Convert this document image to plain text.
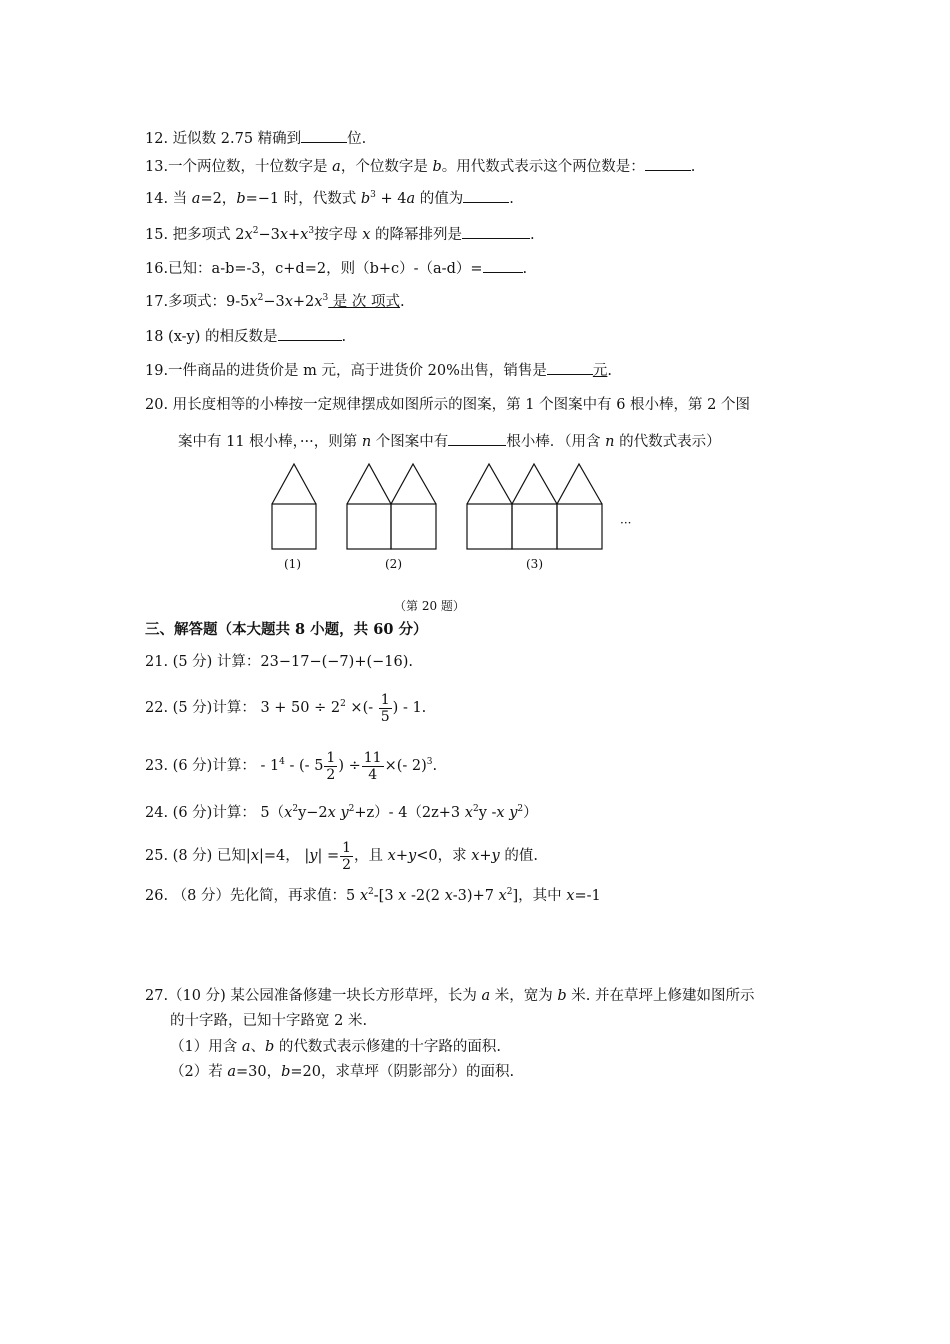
12. 近似数 2.75 精确到	位.
13.一个两位数，十位数字是 a，个位数字是 b。用代数式表示这个两位数是：	.
14. 当 a=2，b=−1 时，代数式 $b^3 + 4a$ 的值为	.
15. 把多项式 $2x^2-3x+x^3$按字母 x 的降幂排列是	.
16.已知：a-b=-3，c+d=2，则（b+c）-（a-d）=	.
17.多项式：$9-5x^2-3x+2x^3$ 是 次 项式.
18 (x-y) 的相反数是	.
19.一件商品的进货价是 m 元，高于进货价 20%出售，销售是	元.
20. 用长度相等的小棒按一定规律摆成如图所示的图案，第 1 个图案中有 6 根小棒，第 2 个图
案中有 11 根小棒，···，则第 n 个图案中有	根小棒．（用含 n 的代数式表示）
···
(1)	(2)	(3)
（第 20 题）
三、解答题（本大题共 8 小题，共 60 分）
21. (5 分) 计算：23−17−(−7)+(−16).
22. (5 分)计算： $3 + 50 \div 2^2$ ×(- $\frac{1}{5}$ ) - 1.
23. (6 分)计算： - $1^4$ - (- $5 \frac{1}{2}$ ) ÷ $\frac{11}{4}$ ×(- 2)$^3$.
24. (6 分)计算： $5(x^2y-2x$ $y^2+z)-$ 4（2z+3 $x^2y$ -x $y^2$）
25. (8 分) 已知|x|=4， $|y| = \frac{1}{2}$ ，且 x+y<0，求 x+y 的值.
26. （8 分）先化简，再求值：5 $x^2-[3$ x -2(2 x-3)+7 $x^2$]，其中 x=-1
27.（10 分) 某公园准备修建一块长方形草坪，长为 a 米，宽为 b 米. 并在草坪上修建如图所示
的十字路，已知十字路宽 2 米.
（1）用含 a、b 的代数式表示修建的十字路的面积.
（2）若 a=30，b=20，求草坪（阴影部分）的面积.
